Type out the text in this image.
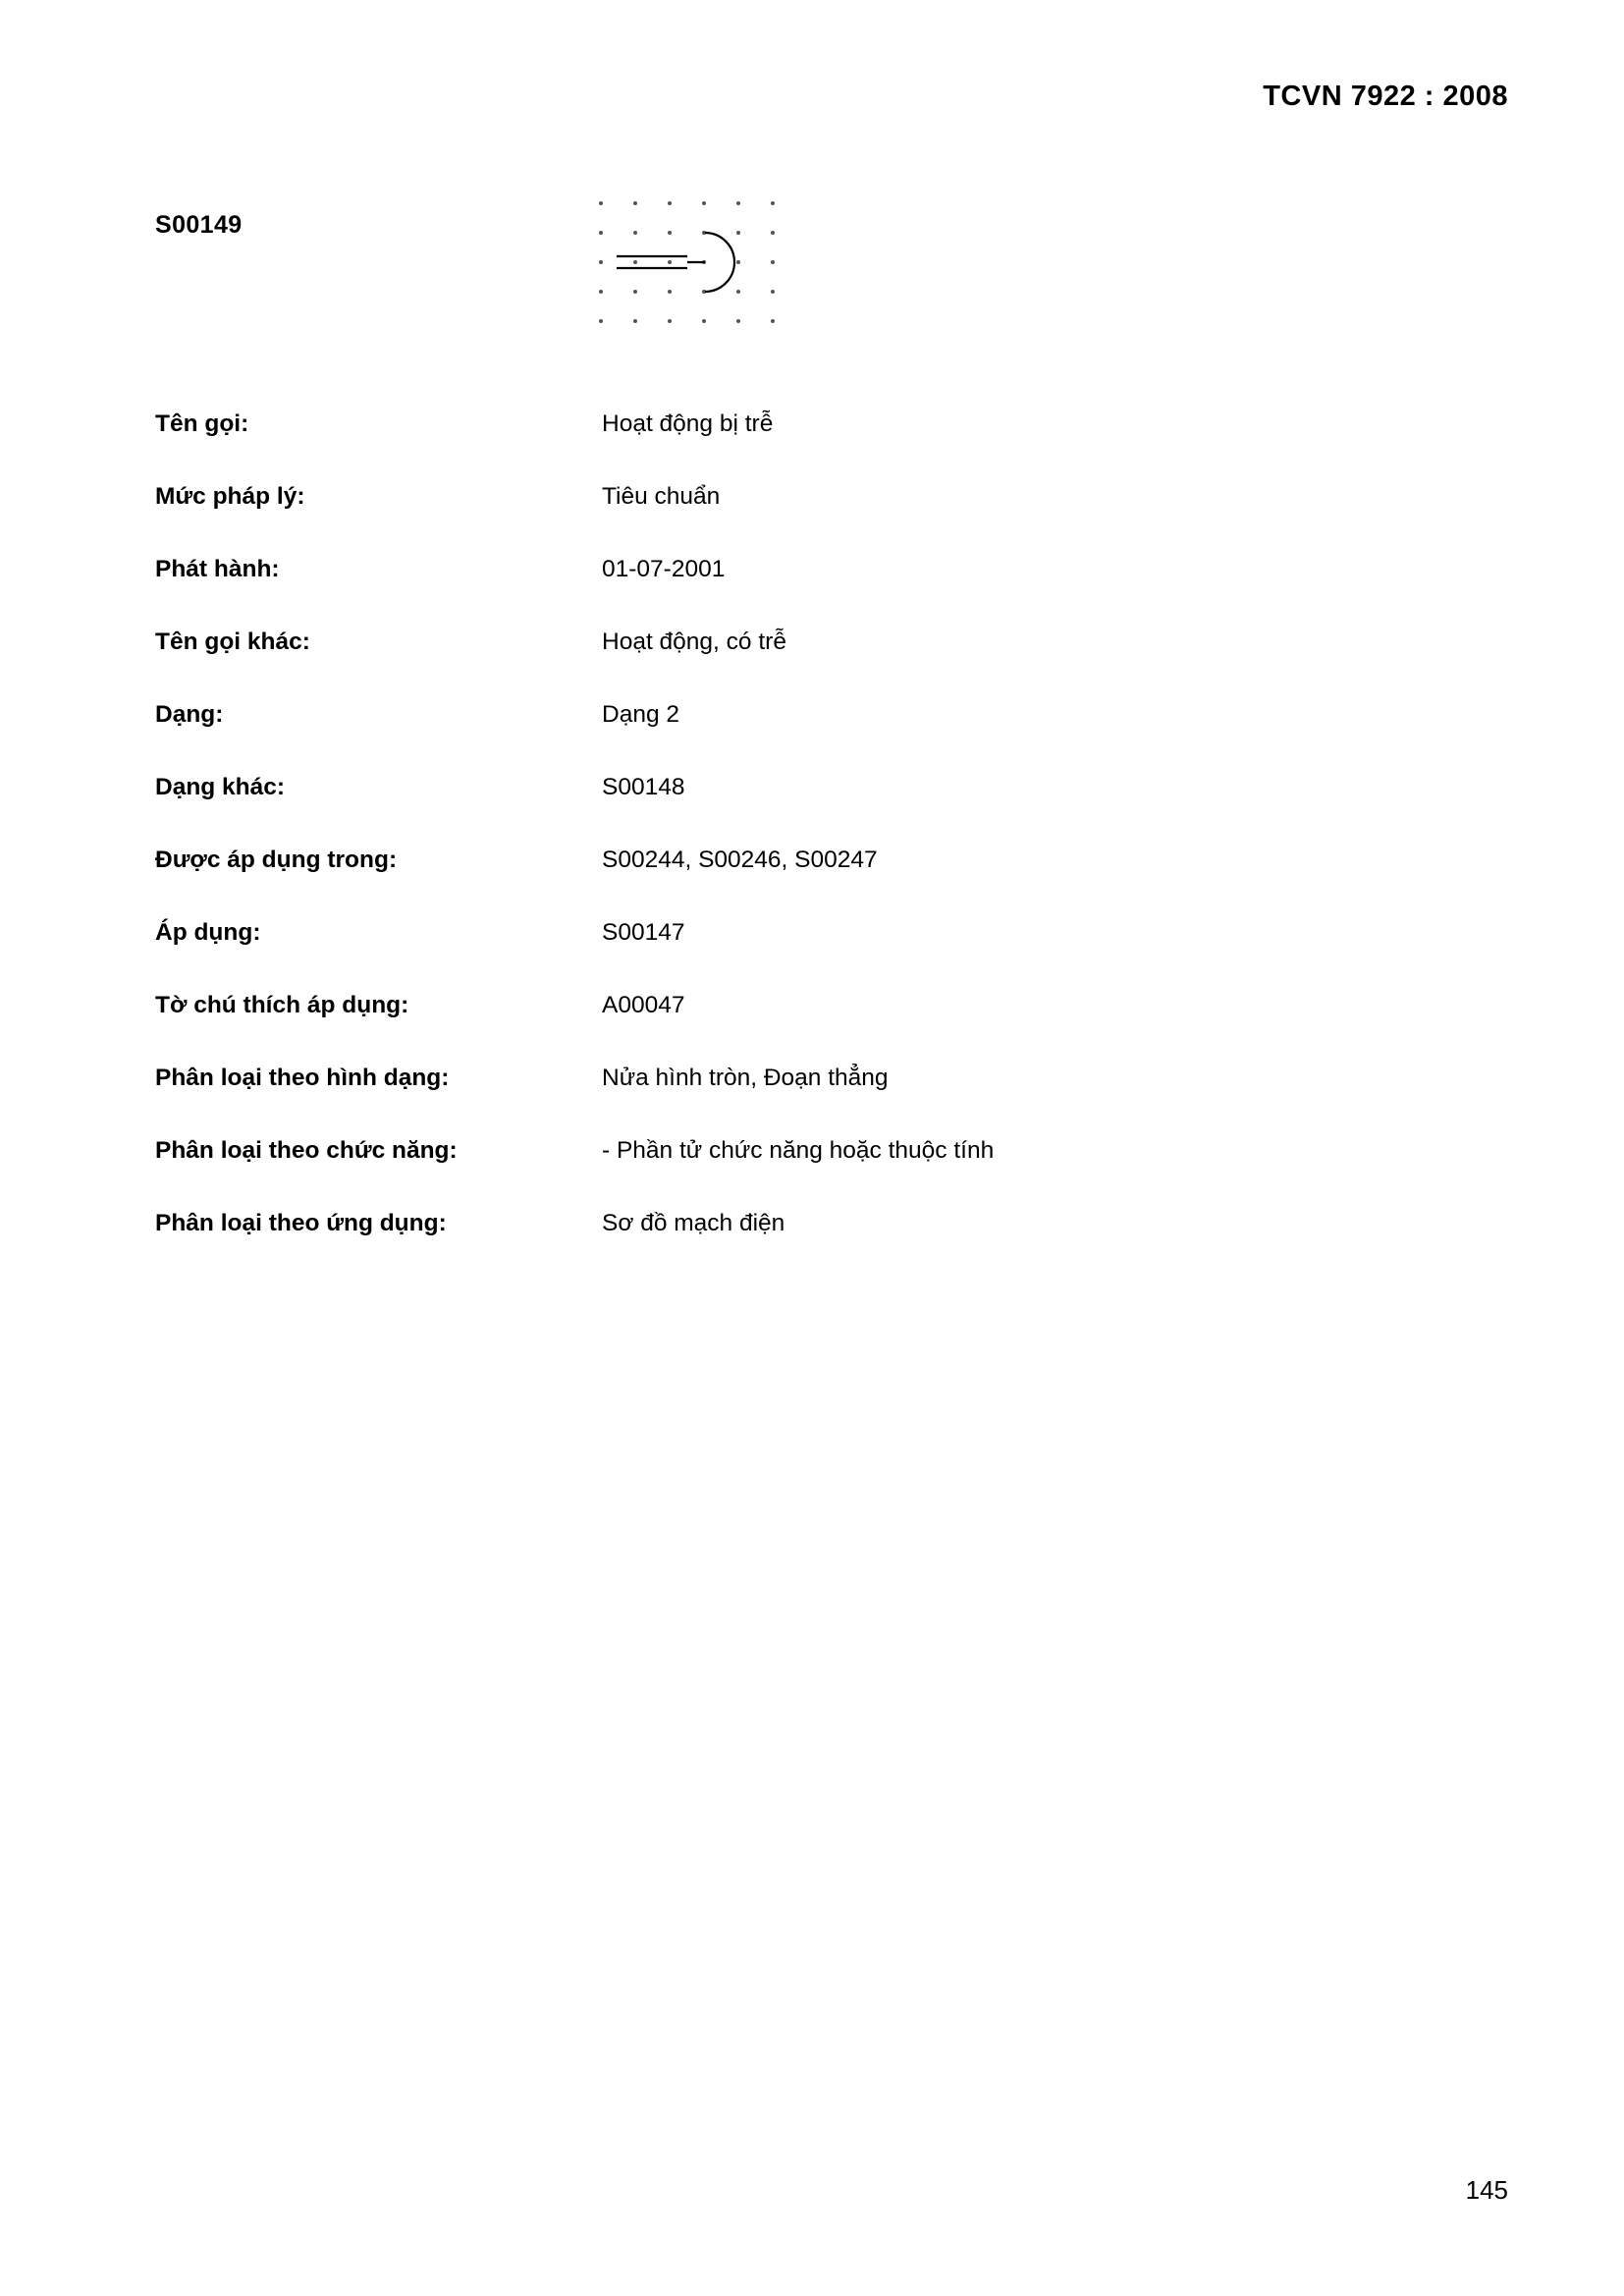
TCVN 7922 : 2008
S00149
Tên gọi:	Hoạt động bị trễ
Mức pháp lý:	Tiêu chuẩn
Phát hành:	01-07-2001
Tên gọi khác:	Hoạt động, có trễ
Dạng:	Dạng 2
Dạng khác:	S00148
Được áp dụng trong:	S00244, S00246, S00247
Áp dụng:	S00147
Tờ chú thích áp dụng:	A00047
Phân loại theo hình dạng:	Nửa hình tròn, Đoạn thẳng
Phân loại theo chức năng:	- Phần tử chức năng hoặc thuộc tính
Phân loại theo ứng dụng:	Sơ đồ mạch điện
145
